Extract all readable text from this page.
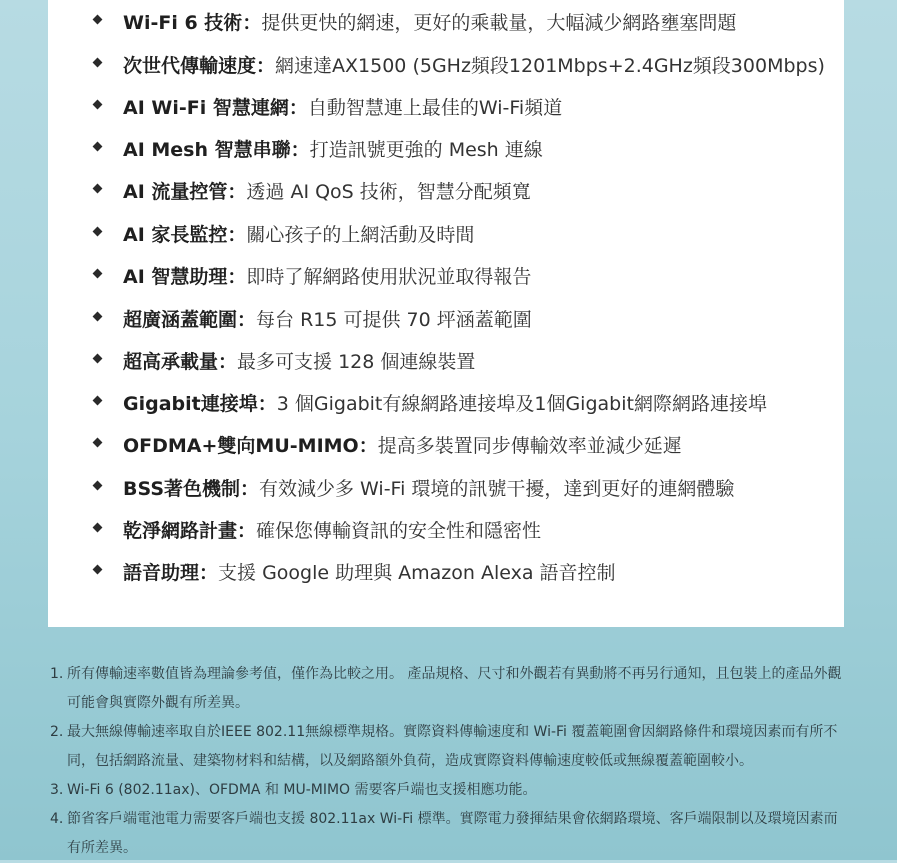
Wi-Fi 6 技術：提供更快的網速，更好的乘載量，大幅減少網路壅塞問題
次世代傳輸速度：網速達AX1500 (5GHz頻段1201Mbps+2.4GHz頻段300Mbps)
AI Wi-Fi 智慧連網：自動智慧連上最佳的Wi-Fi頻道
AI Mesh 智慧串聯：打造訊號更強的 Mesh 連線
AI 流量控管：透過 AI QoS 技術，智慧分配頻寬
AI 家長監控：關心孩子的上網活動及時間
AI 智慧助理：即時了解網路使用狀況並取得報告
超廣涵蓋範圍：每台 R15 可提供 70 坪涵蓋範圍
超高承載量：最多可支援 128 個連線裝置
Gigabit連接埠：3 個Gigabit有線網路連接埠及1個Gigabit網際網路連接埠
OFDMA+雙向MU-MIMO：提高多裝置同步傳輸效率並減少延遲
BSS著色機制：有效減少多 Wi-Fi 環境的訊號干擾，達到更好的連網體驗
乾淨網路計畫：確保您傳輸資訊的安全性和隱密性
語音助理：支援 Google 助理與 Amazon Alexa 語音控制
1. 所有傳輸速率數值皆為理論參考值，僅作為比較之用。 產品規格、尺寸和外觀若有異動將不再另行通知，且包裝上的產品外觀可能會與實際外觀有所差異。
2. 最大無線傳輸速率取自於IEEE 802.11無線標準規格。實際資料傳輸速度和 Wi-Fi 覆蓋範圍會因網路條件和環境因素而有所不同，包括網路流量、建築物材料和結構，以及網路額外負荷，造成實際資料傳輸速度較低或無線覆蓋範圍較小。
3. Wi-Fi 6 (802.11ax)、OFDMA 和 MU-MIMO 需要客戶端也支援相應功能。
4. 節省客戶端電池電力需要客戶端也支援 802.11ax Wi-Fi 標準。實際電力發揮結果會依網路環境、客戶端限制以及環境因素而有所差異。
